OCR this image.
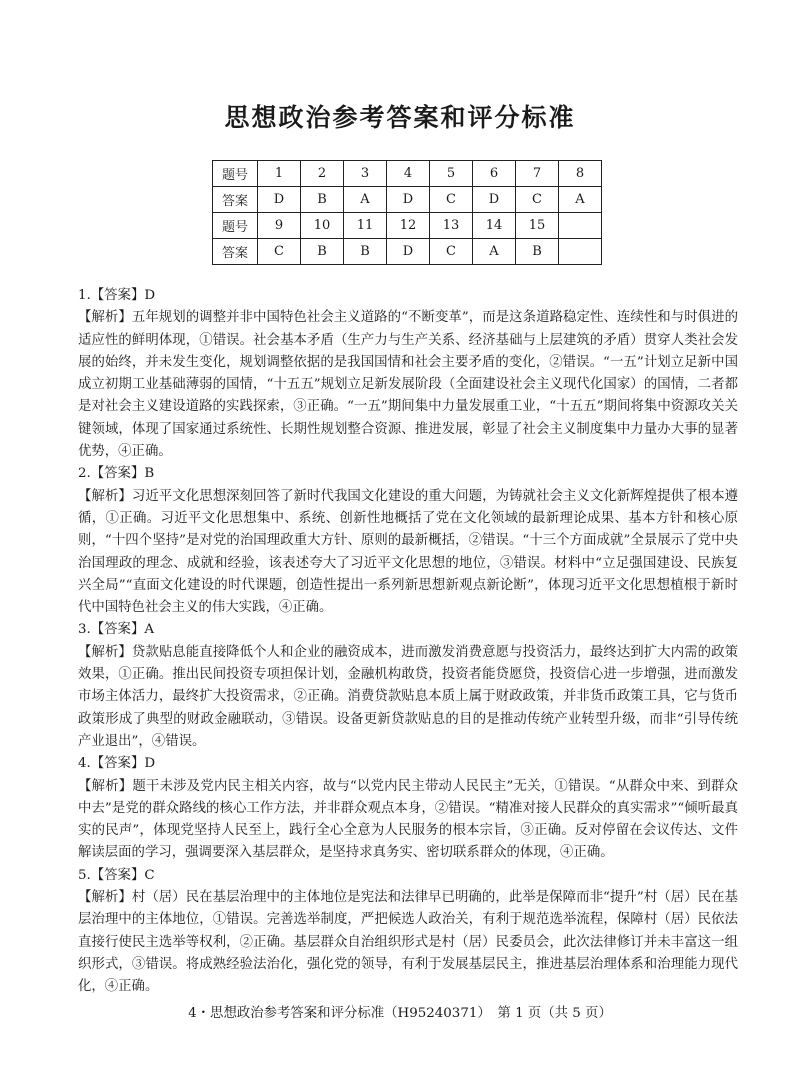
思想政治参考答案和评分标准
题号	1	2	3	4	5	6	7	8
答案	D	B	A	D	C	D	C	A
题号	9	10	11	12	13	14	15	
答案	C	B	B	D	C	A	B	

1.【答案】D

【解析】五年规划的调整并非中国特色社会主义道路的“不断变革”，而是这条道路稳定性、连续性和与时俱进的适应性的鲜明体现，①错误。社会基本矛盾（生产力与生产关系、经济基础与上层建筑的矛盾）贯穿人类社会发展的始终，并未发生变化，规划调整依据的是我国国情和社会主要矛盾的变化，②错误。“一五”计划立足新中国成立初期工业基础薄弱的国情，“十五五”规划立足新发展阶段（全面建设社会主义现代化国家）的国情，二者都是对社会主义建设道路的实践探索，③正确。“一五”期间集中力量发展重工业，“十五五”期间将集中资源攻关关键领域，体现了国家通过系统性、长期性规划整合资源、推进发展，彰显了社会主义制度集中力量办大事的显著优势，④正确。

2.【答案】B

【解析】习近平文化思想深刻回答了新时代我国文化建设的重大问题，为铸就社会主义文化新辉煌提供了根本遵循，①正确。习近平文化思想集中、系统、创新性地概括了党在文化领域的最新理论成果、基本方针和核心原则，“十四个坚持”是对党的治国理政重大方针、原则的最新概括，②错误。“十三个方面成就”全景展示了党中央治国理政的理念、成就和经验，该表述夸大了习近平文化思想的地位，③错误。材料中“立足强国建设、民族复兴全局”“直面文化建设的时代课题，创造性提出一系列新思想新观点新论断”，体现习近平文化思想植根于新时代中国特色社会主义的伟大实践，④正确。

3.【答案】A

【解析】贷款贴息能直接降低个人和企业的融资成本，进而激发消费意愿与投资活力，最终达到扩大内需的政策效果，①正确。推出民间投资专项担保计划，金融机构敢贷，投资者能贷愿贷，投资信心进一步增强，进而激发市场主体活力，最终扩大投资需求，②正确。消费贷款贴息本质上属于财政政策，并非货币政策工具，它与货币政策形成了典型的财政金融联动，③错误。设备更新贷款贴息的目的是推动传统产业转型升级，而非“引导传统产业退出”，④错误。

4.【答案】D

【解析】题干未涉及党内民主相关内容，故与“以党内民主带动人民民主”无关，①错误。“从群众中来、到群众中去”是党的群众路线的核心工作方法，并非群众观点本身，②错误。“精准对接人民群众的真实需求”“倾听最真实的民声”，体现党坚持人民至上，践行全心全意为人民服务的根本宗旨，③正确。反对停留在会议传达、文件解读层面的学习，强调要深入基层群众，是坚持求真务实、密切联系群众的体现，④正确。

5.【答案】C

【解析】村（居）民在基层治理中的主体地位是宪法和法律早已明确的，此举是保障而非“提升”村（居）民在基层治理中的主体地位，①错误。完善选举制度，严把候选人政治关，有利于规范选举流程，保障村（居）民依法直接行使民主选举等权利，②正确。基层群众自治组织形式是村（居）民委员会，此次法律修订并未丰富这一组织形式，③错误。将成熟经验法治化，强化党的领导，有利于发展基层民主，推进基层治理体系和治理能力现代化，④正确。

4・思想政治参考答案和评分标准（H95240371）　第 1 页（共 5 页）
